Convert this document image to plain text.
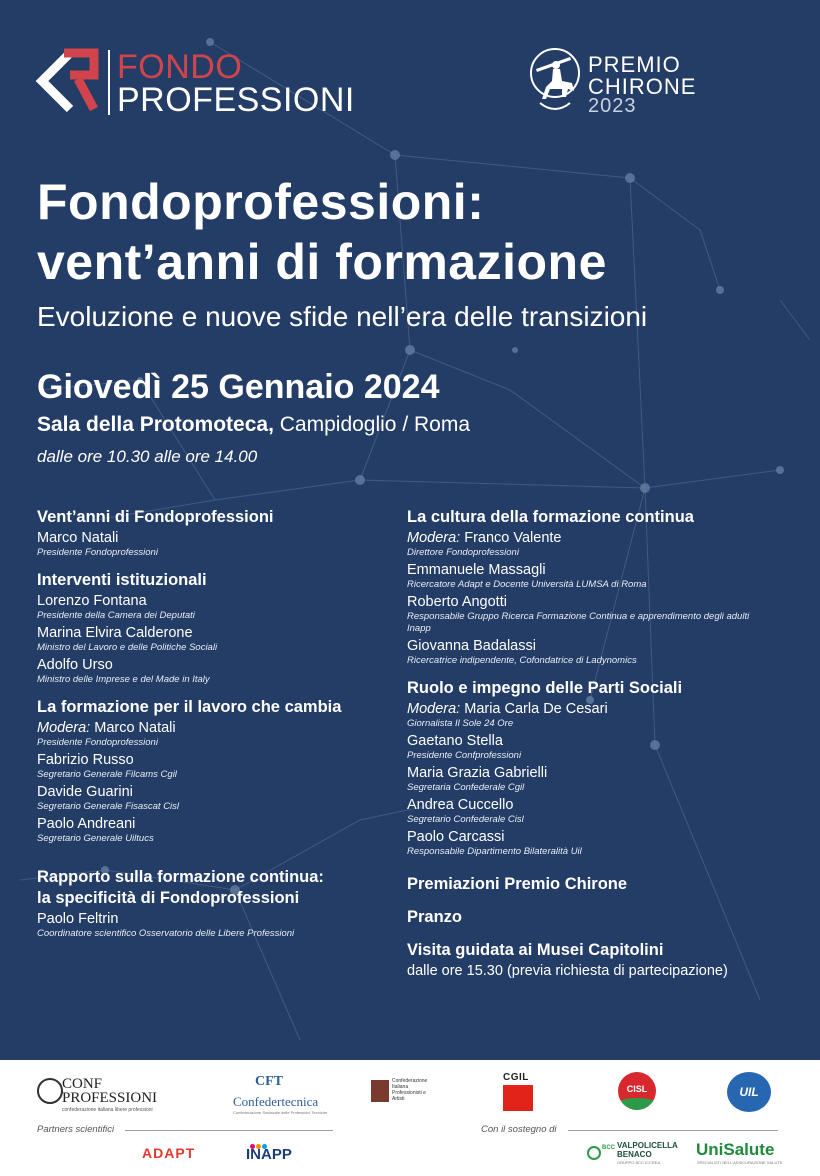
FONDO
PROFESSIONI
PREMIO
CHIRONE
2023
Fondoprofessioni:
vent’anni di formazione
Evoluzione e nuove sfide nell’era delle transizioni
Giovedì 25 Gennaio 2024
Sala della Protomoteca, Campidoglio / Roma
dalle ore 10.30 alle ore 14.00
Vent’anni di Fondoprofessioni
Marco Natali
Presidente Fondoprofessioni
Interventi istituzionali
Lorenzo Fontana
Presidente della Camera dei Deputati
Marina Elvira Calderone
Ministro del Lavoro e delle Politiche Sociali
Adolfo Urso
Ministro delle Imprese e del Made in Italy
La formazione per il lavoro che cambia
Modera: Marco Natali
Presidente Fondoprofessioni
Fabrizio Russo
Segretario Generale Filcams Cgil
Davide Guarini
Segretario Generale Fisascat Cisl
Paolo Andreani
Segretario Generale Uiltucs
Rapporto sulla formazione continua:
la specificità di Fondoprofessioni
Paolo Feltrin
Coordinatore scientifico Osservatorio delle Libere Professioni
La cultura della formazione continua
Modera: Franco Valente
Direttore Fondoprofessioni
Emmanuele Massagli
Ricercatore Adapt e Docente Università LUMSA di Roma
Roberto Angotti
Responsabile Gruppo Ricerca Formazione Continua e apprendimento degli adulti
Inapp
Giovanna Badalassi
Ricercatrice indipendente, Cofondatrice di Ladynomics
Ruolo e impegno delle Parti Sociali
Modera: Maria Carla De Cesari
Giornalista Il Sole 24 Ore
Gaetano Stella
Presidente Confprofessioni
Maria Grazia Gabrielli
Segretaria Confederale Cgil
Andrea Cuccello
Segretario Confederale Cisl
Paolo Carcassi
Responsabile Dipartimento Bilateralità Uil
Premiazioni Premio Chirone
Pranzo
Visita guidata ai Musei Capitolini
dalle ore 15.30 (previa richiesta di partecipazione)
CONF
PROFESSIONI
confederazione italiana libere professioni
CFT
Confedertecnica
Confederazione Sindacale delle Professioni Tecniche
Confederazione
Italiana
Professionisti e
Artisti
CGIL
CISL	UIL
Partners scientifici	Con il sostegno di
ADAPT	INAPP	BCC VALPOLICELLA
BENACO
GRUPPO BCC ICCREA
UniSalute
SPECIALISTI NELL'ASSICURAZIONE SALUTE
